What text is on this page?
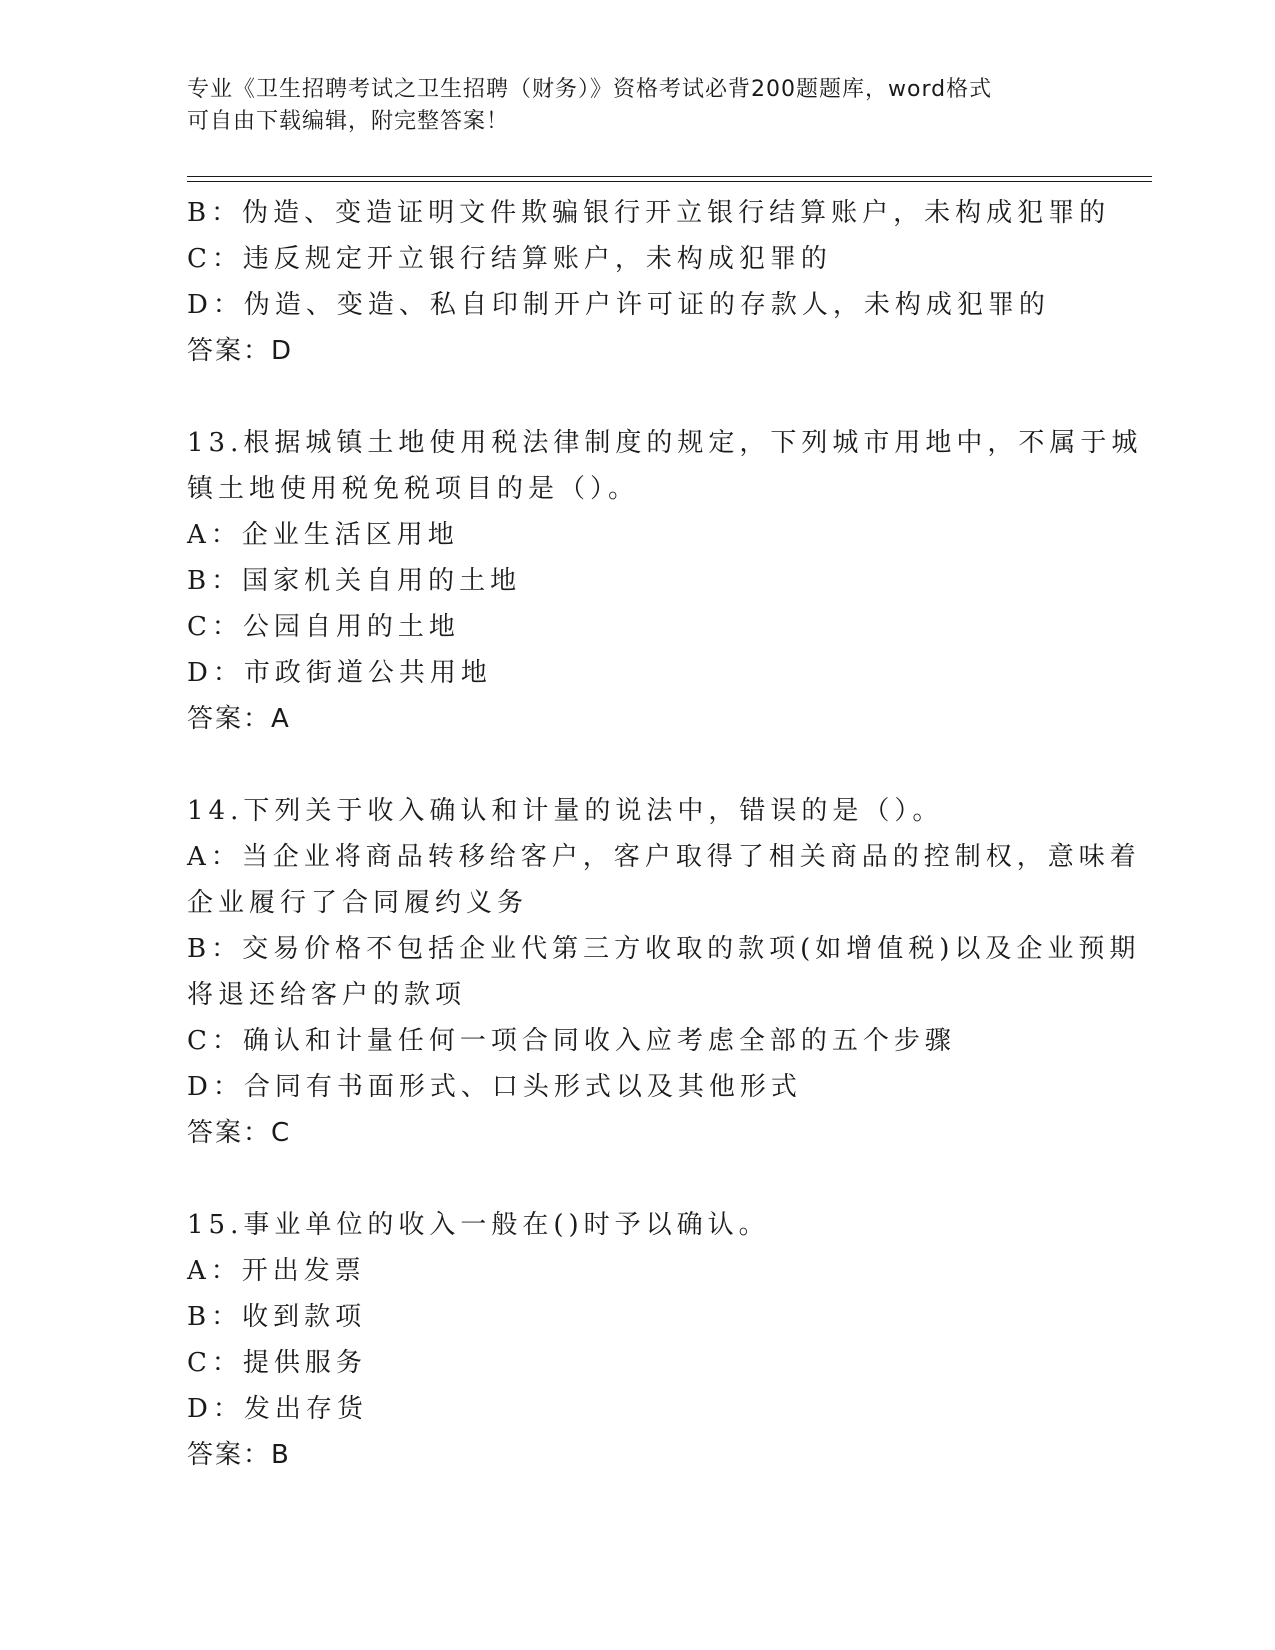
专业《卫生招聘考试之卫生招聘（财务）》资格考试必背200题题库，word格式
可自由下载编辑，附完整答案！
B：伪造、变造证明文件欺骗银行开立银行结算账户，未构成犯罪的
C：违反规定开立银行结算账户，未构成犯罪的
D：伪造、变造、私自印制开户许可证的存款人，未构成犯罪的
答案：D
13.根据城镇土地使用税法律制度的规定，下列城市用地中，不属于城
镇土地使用税免税项目的是（）。
A：企业生活区用地
B：国家机关自用的土地
C：公园自用的土地
D：市政街道公共用地
答案：A
14.下列关于收入确认和计量的说法中，错误的是（）。
A：当企业将商品转移给客户，客户取得了相关商品的控制权，意味着
企业履行了合同履约义务
B：交易价格不包括企业代第三方收取的款项(如增值税)以及企业预期
将退还给客户的款项
C：确认和计量任何一项合同收入应考虑全部的五个步骤
D：合同有书面形式、口头形式以及其他形式
答案：C
15.事业单位的收入一般在()时予以确认。
A：开出发票
B：收到款项
C：提供服务
D：发出存货
答案：B
